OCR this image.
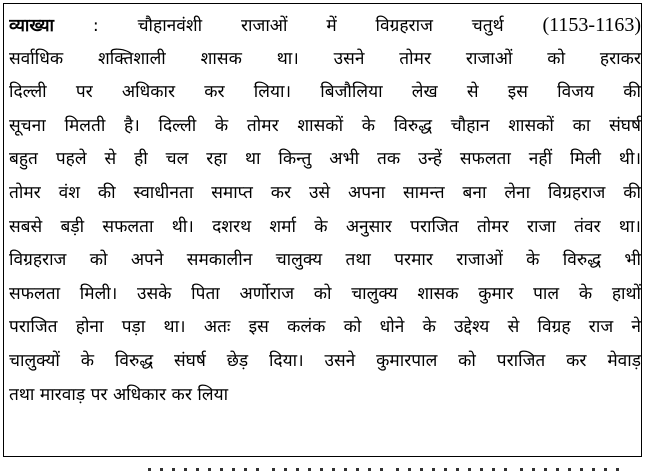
व्याख्या : चौहानवंशी राजाओं में विग्रहराज चतुर्थ (1153-1163)
सर्वाधिक शक्तिशाली शासक था। उसने तोमर राजाओं को हराकर
दिल्ली पर अधिकार कर लिया। बिजौलिया लेख से इस विजय की
सूचना मिलती है। दिल्ली के तोमर शासकों के विरुद्ध चौहान शासकों का संघर्ष
बहुत पहले से ही चल रहा था किन्तु अभी तक उन्हें सफलता नहीं मिली थी।
तोमर वंश की स्वाधीनता समाप्त कर उसे अपना सामन्त बना लेना विग्रहराज की
सबसे बड़ी सफलता थी। दशरथ शर्मा के अनुसार पराजित तोमर राजा तंवर था।
विग्रहराज को अपने समकालीन चालुक्य तथा परमार राजाओं के विरुद्ध भी
सफलता मिली। उसके पिता अर्णोराज को चालुक्य शासक कुमार पाल के हाथों
पराजित होना पड़ा था। अतः इस कलंक को धोने के उद्देश्य से विग्रह राज ने
चालुक्यों के विरुद्ध संघर्ष छेड़ दिया। उसने कुमारपाल को पराजित कर मेवाड़
तथा मारवाड़ पर अधिकार कर लिया
